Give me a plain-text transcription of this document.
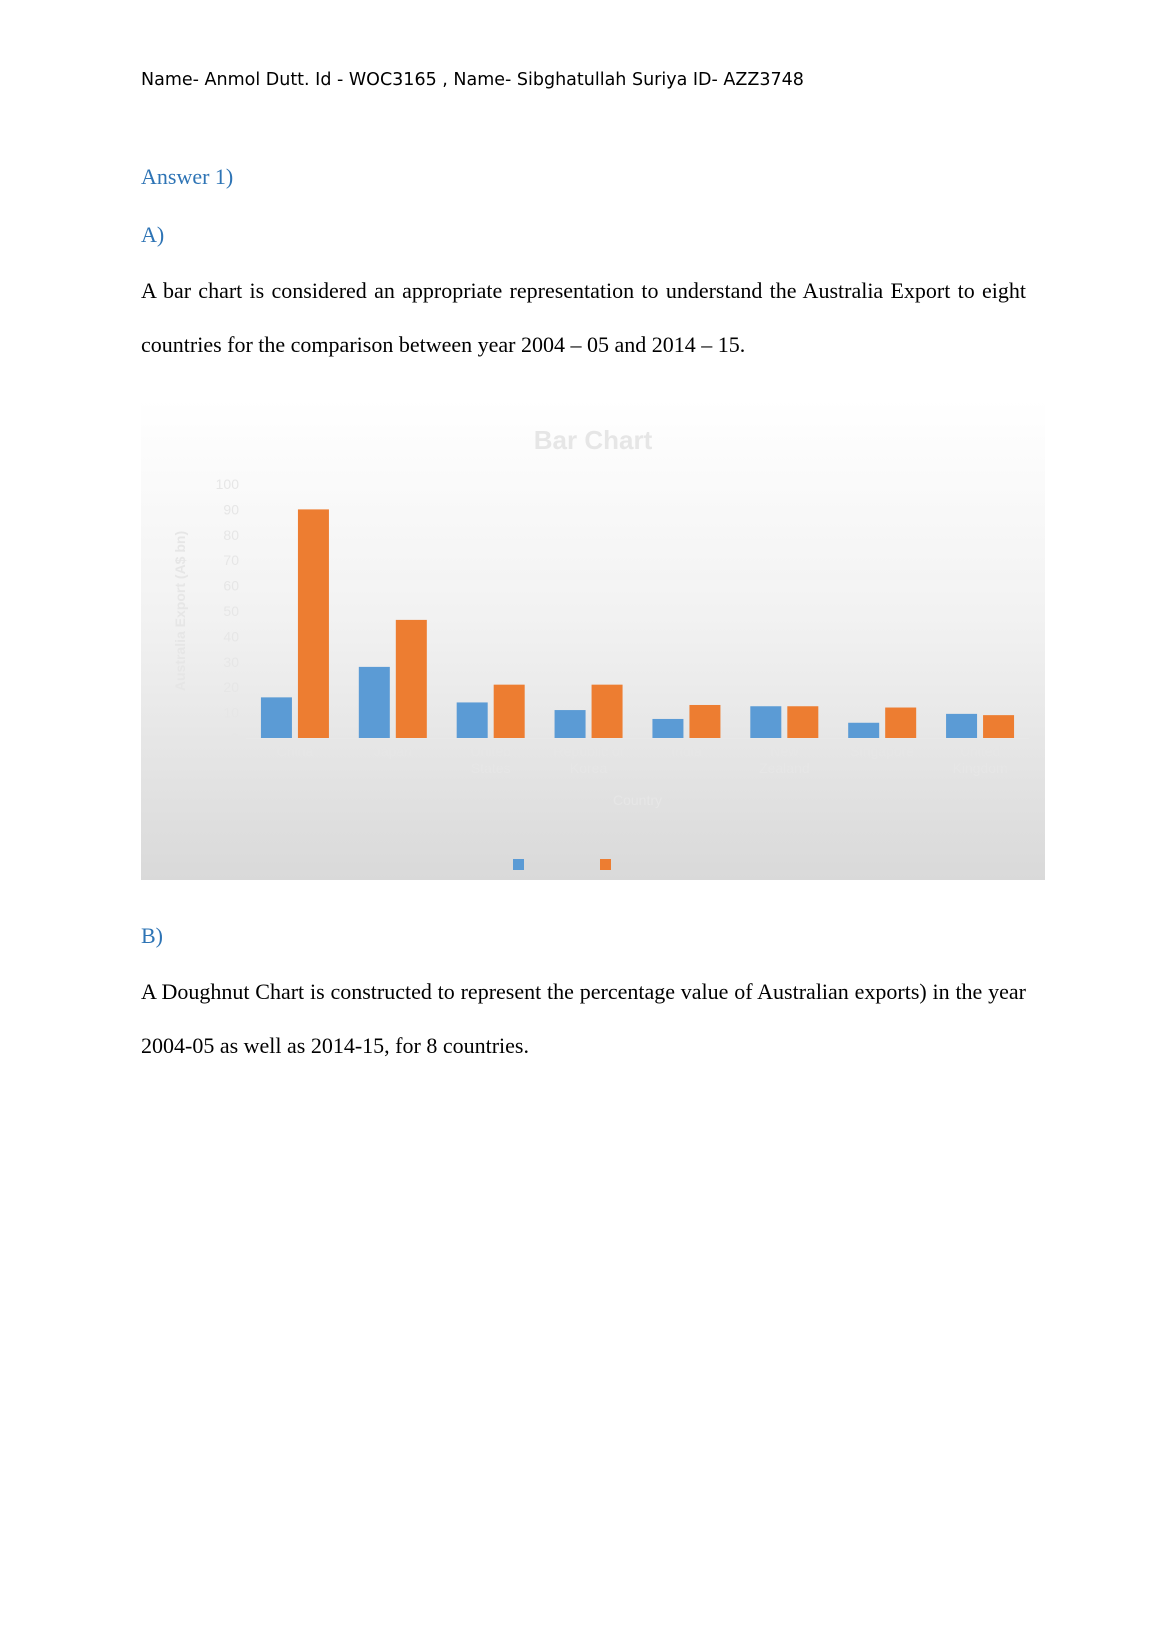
Name- Anmol Dutt. Id - WOC3165 , Name- Sibghatullah Suriya ID- AZZ3748
Answer 1)
A)
A bar chart is considered an appropriate representation to understand the Australia Export to eight countries for the comparison between year 2004 – 05 and 2014 – 15.
Bar Chart
Australia Export (A$ bn)
0
10
20
30
40
50
60
70
80
90
100
China	Japan	United
States
Republic of
Korea
India	New
Zealand
Singapore	United
Kingdom
Country
B)
A Doughnut Chart is constructed to represent the percentage value of Australian exports) in the year 2004-05 as well as 2014-15, for 8 countries.
